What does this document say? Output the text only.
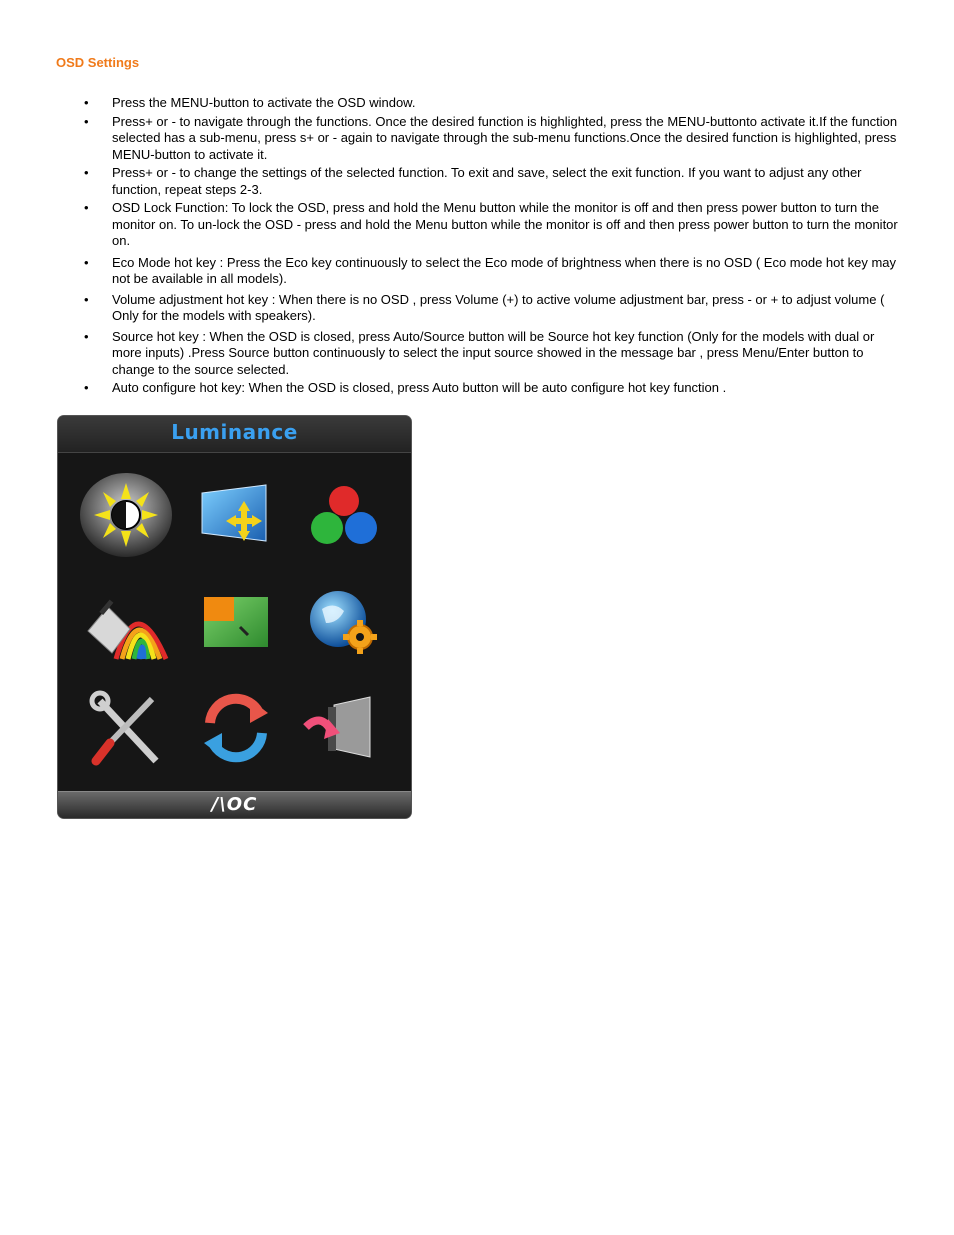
OSD Settings
• Press the MENU-button to activate the OSD window.
• Press+ or - to navigate through the functions. Once the desired function is highlighted, press the MENU-buttonto activate it.If the function selected has a sub-menu, press s+ or - again to navigate through the sub-menu functions.Once the desired function is highlighted, press MENU-button to activate it.
• Press+ or - to change the settings of the selected function. To exit and save, select the exit function. If you want to adjust any other function, repeat steps 2-3.
• OSD Lock Function: To lock the OSD, press and hold the Menu button while the monitor is off and then press power button to turn the monitor on. To un-lock the OSD - press and hold the Menu button while the monitor is off and then press power button to turn the monitor on.
• Eco Mode hot key : Press the Eco key continuously to select the Eco mode of brightness when there is no OSD ( Eco mode hot key may not be available in all models).
• Volume adjustment hot key : When there is no OSD , press Volume (+) to active volume adjustment bar, press - or + to adjust volume ( Only for the models with speakers).
• Source hot key : When the OSD is closed, press Auto/Source button will be Source hot key function (Only for the models with dual or more inputs) .Press Source button continuously to select the input source showed in the message bar , press Menu/Enter button to change to the source selected.
• Auto configure hot key: When the OSD is closed, press Auto button will be auto configure hot key function .
Luminance
/\OC
